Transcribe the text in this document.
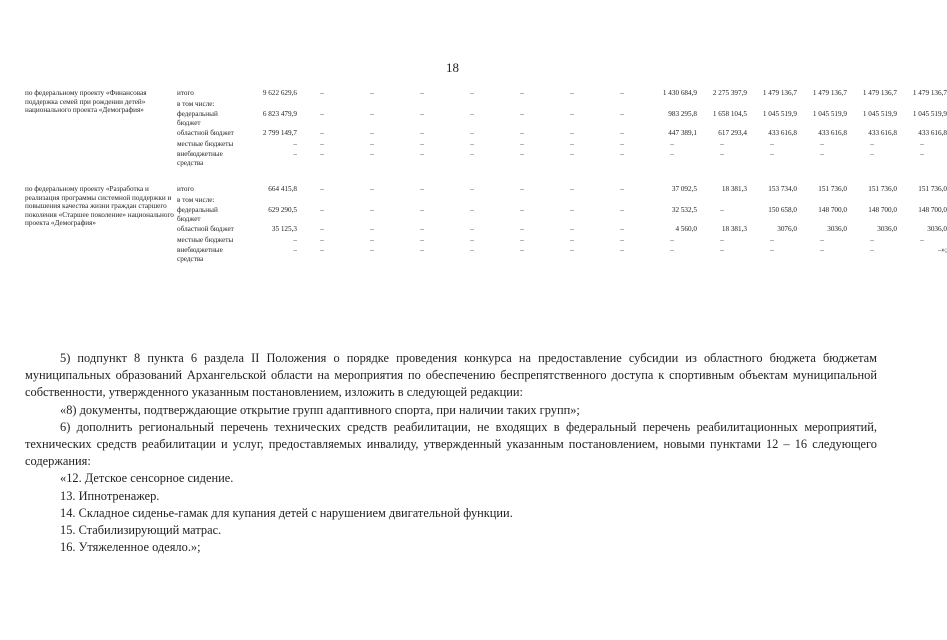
18
по федеральному проекту «Финансовая поддержка семей при рождении детей» национального проекта «Демография»	итого	9 622 629,6	–	–	–	–	–	–	–	1 430 684,9	2 275 397,9	1 479 136,7	1 479 136,7	1 479 136,7	1 479 136,7
	в том числе:														
	федеральный бюджет	6 823 479,9	–	–	–	–	–	–	–	983 295,8	1 658 104,5	1 045 519,9	1 045 519,9	1 045 519,9	1 045 519,9
	областной бюджет	2 799 149,7	–	–	–	–	–	–	–	447 389,1	617 293,4	433 616,8	433 616,8	433 616,8	433 616,8
	местные бюджеты	–	–	–	–	–	–	–	–	–	–	–	–	–	–
	внебюджетные средства	–	–	–	–	–	–	–	–	–	–	–	–	–	–

по федеральному проекту «Разработка и реализация программы системной поддержки и повышения качества жизни граждан старшего поколения «Старшее поколение» национального проекта «Демография»	итого	664 415,8	–	–	–	–	–	–	–	37 092,5	18 381,3	153 734,0	151 736,0	151 736,0	151 736,0
	в том числе:														
	федеральный бюджет	629 290,5	–	–	–	–	–	–	–	32 532,5	–	150 658,0	148 700,0	148 700,0	148 700,0
	областной бюджет	35 125,3	–	–	–	–	–	–	–	4 560,0	18 381,3	3076,0	3036,0	3036,0	3036,0
	местные бюджеты	–	–	–	–	–	–	–	–	–	–	–	–	–	–
	внебюджетные средства	–	–	–	–	–	–	–	–	–	–	–	–	–	–»;

5) подпункт 8 пункта 6 раздела II Положения о порядке проведения конкурса на предоставление субсидии из областного бюджета бюджетам муниципальных образований Архангельской области на мероприятия по обеспечению беспрепятственного доступа к спортивным объектам муниципальной собственности, утвержденного указанным постановлением, изложить в следующей редакции:

«8) документы, подтверждающие открытие групп адаптивного спорта, при наличии таких групп»;

6) дополнить региональный перечень технических средств реабилитации, не входящих в федеральный перечень реабилитационных мероприятий, технических средств реабилитации и услуг, предоставляемых инвалиду, утвержденный указанным постановлением, новыми пунктами 12 – 16 следующего содержания:

«12. Детское сенсорное сидение.

13. Ипнотренажер.

14. Складное сиденье-гамак для купания детей с нарушением двигательной функции.

15. Стабилизирующий матрас.

16. Утяжеленное одеяло.»;
